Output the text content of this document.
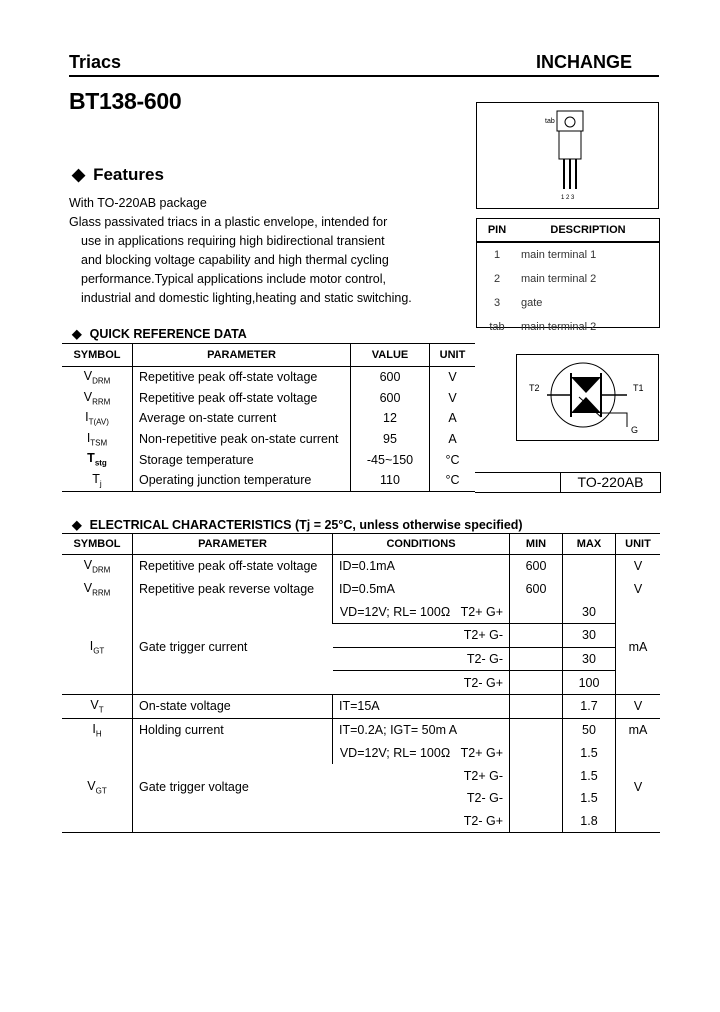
Triacs	INCHANGE
BT138-600
tab
1 2 3
PIN	DESCRIPTION
1	main terminal 1
2	main terminal 2
3	gate
tab	main terminal 2
◆ Features
With TO-220AB package
Glass passivated triacs in a plastic envelope, intended for
use in applications requiring high bidirectional transient
and blocking voltage capability and high thermal cycling
performance.Typical applications include motor control,
industrial and domestic lighting,heating and static switching.
◆ QUICK REFERENCE DATA
SYMBOL	PARAMETER	VALUE	UNIT
$V_{DRM}$	Repetitive peak off-state voltage	600	V
$V_{RRM}$	Repetitive peak off-state voltage	600	V
$I_{T(AV)}$	Average on-state current	12	A
$I_{TSM}$	Non-repetitive peak on-state current	95	A
$T_{stg}$	Storage temperature	-45~150	°C
$T_j$	Operating junction temperature	110	°C
T2	T1
G
TO-220AB
◆ ELECTRICAL CHARACTERISTICS (Tj = 25°C, unless otherwise specified)
SYMBOL	PARAMETER	CONDITIONS	MIN	MAX	UNIT
$V_{DRM}$	Repetitive peak off-state voltage	ID=0.1mA	600		V
$V_{RRM}$	Repetitive peak reverse voltage	ID=0.5mA	600		V
$I_{GT}$	Gate trigger current	VD=12V; RL= 100Ω T2+ G+		30	mA
		T2+ G-		30	
		T2- G-		30	
		T2- G+		100	
$V_T$	On-state voltage	IT=15A		1.7	V
$I_H$	Holding current	IT=0.2A; IGT= 50m A		50	mA
$V_{GT}$	Gate trigger voltage	VD=12V; RL= 100Ω T2+ G+		1.5	V
		T2+ G-		1.5	
		T2- G-		1.5	
		T2- G+		1.8	
